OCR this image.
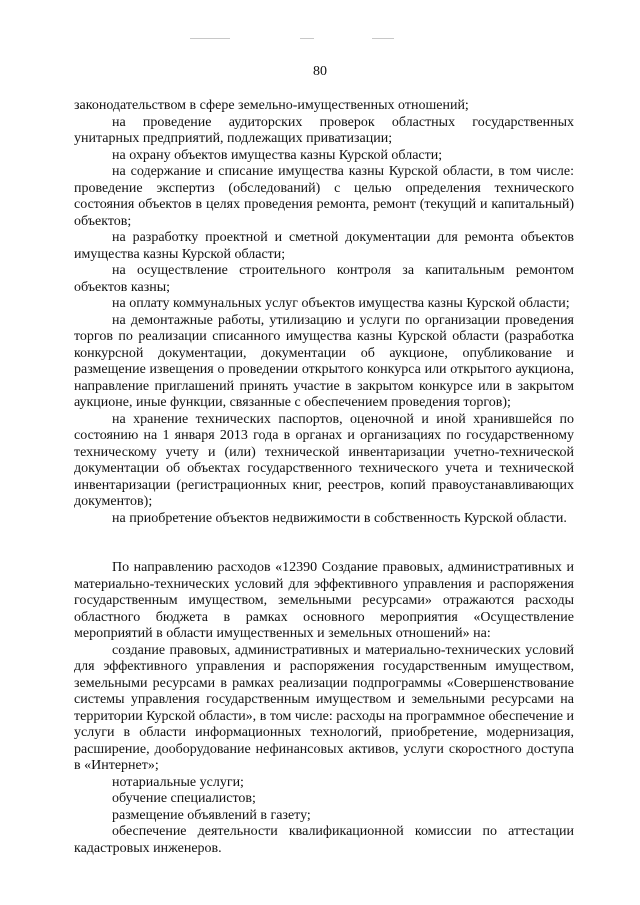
80

законодательством в сфере земельно-имущественных отношений;

на проведение аудиторских проверок областных государственных унитарных предприятий, подлежащих приватизации;

на охрану объектов имущества казны Курской области;

на содержание и списание имущества казны Курской области, в том числе: проведение экспертиз (обследований) с целью определения технического состояния объектов в целях проведения ремонта, ремонт (текущий и капитальный) объектов;

на разработку проектной и сметной документации для ремонта объектов имущества казны Курской области;

на осуществление строительного контроля за капитальным ремонтом объектов казны;

на оплату коммунальных услуг объектов имущества казны Курской области;

на демонтажные работы, утилизацию и услуги по организации проведения торгов по реализации списанного имущества казны Курской области (разработка конкурсной документации, документации об аукционе, опубликование и размещение извещения о проведении открытого конкурса или открытого аукциона, направление приглашений принять участие в закрытом конкурсе или в закрытом аукционе, иные функции, связанные с обеспечением проведения торгов);

на хранение технических паспортов, оценочной и иной хранившейся по состоянию на 1 января 2013 года в органах и организациях по государственному техническому учету и (или) технической инвентаризации учетно-технической документации об объектах государственного технического учета и технической инвентаризации (регистрационных книг, реестров, копий правоустанавливающих документов);

на приобретение объектов недвижимости в собственность Курской области.

По направлению расходов «12390 Создание правовых, административных и материально-технических условий для эффективного управления и распоряжения государственным имуществом, земельными ресурсами» отражаются расходы областного бюджета в рамках основного мероприятия «Осуществление мероприятий в области имущественных и земельных отношений» на:

создание правовых, административных и материально-технических условий для эффективного управления и распоряжения государственным имуществом, земельными ресурсами в рамках реализации подпрограммы «Совершенствование системы управления государственным имуществом и земельными ресурсами на территории Курской области», в том числе: расходы на программное обеспечение и услуги в области информационных технологий, приобретение, модернизация, расширение, дооборудование нефинансовых активов, услуги скоростного доступа в «Интернет»;

нотариальные услуги;

обучение специалистов;

размещение объявлений в газету;

обеспечение деятельности квалификационной комиссии по аттестации кадастровых инженеров.
